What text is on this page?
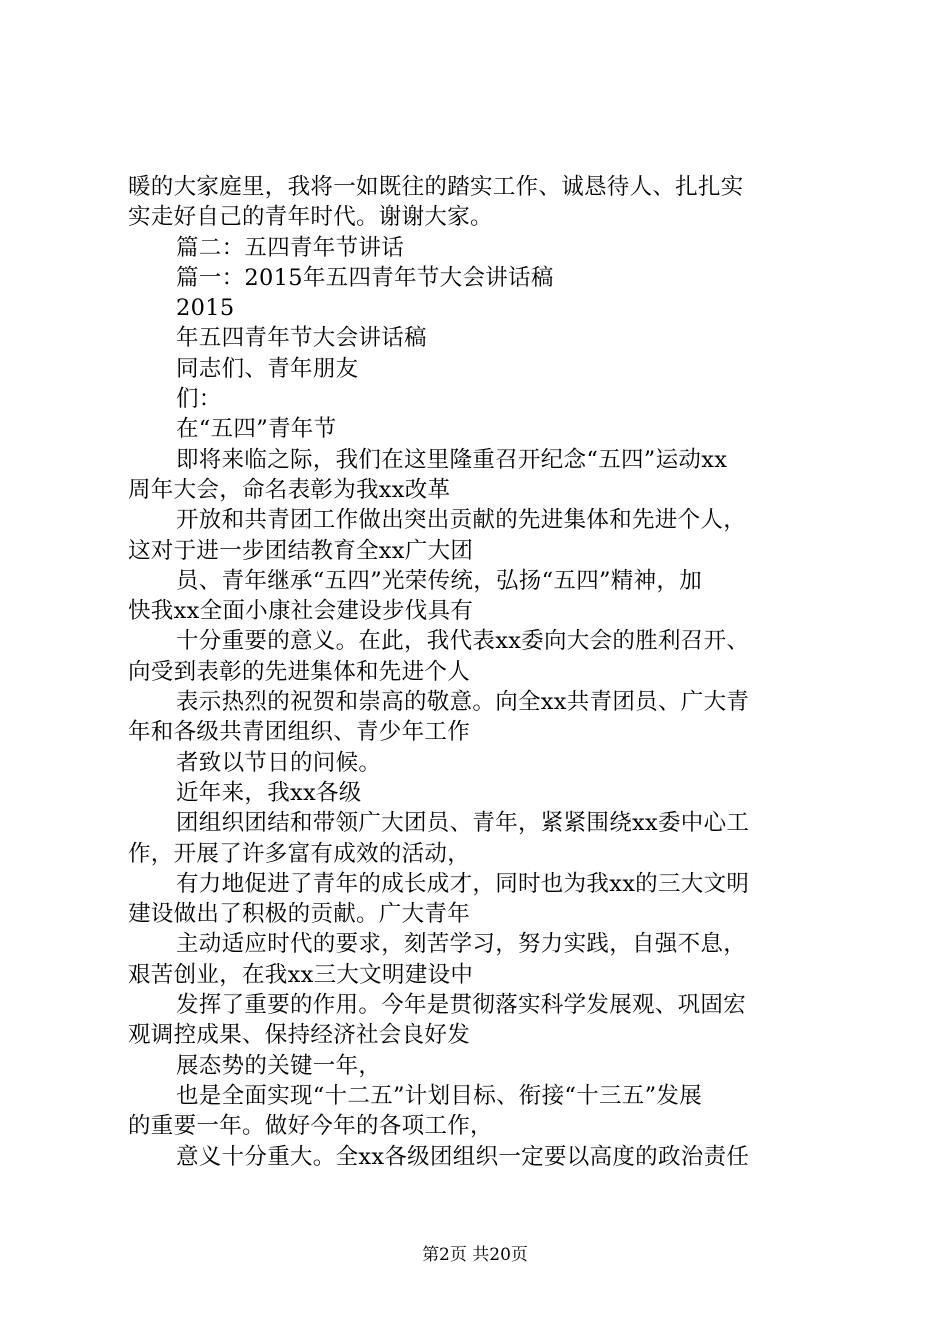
暖的大家庭里，我将一如既往的踏实工作、诚恳待人、扎扎实
实走好自己的青年时代。谢谢大家。
篇二：五四青年节讲话
篇一：2015年五四青年节大会讲话稿
2015
年五四青年节大会讲话稿
同志们、青年朋友
们：
在“五四”青年节
即将来临之际，我们在这里隆重召开纪念“五四”运动xx
周年大会，命名表彰为我xx改革
开放和共青团工作做出突出贡献的先进集体和先进个人，
这对于进一步团结教育全xx广大团
员、青年继承“五四”光荣传统，弘扬“五四”精神，加
快我xx全面小康社会建设步伐具有
十分重要的意义。在此，我代表xx委向大会的胜利召开、
向受到表彰的先进集体和先进个人
表示热烈的祝贺和崇高的敬意。向全xx共青团员、广大青
年和各级共青团组织、青少年工作
者致以节日的问候。
近年来，我xx各级
团组织团结和带领广大团员、青年，紧紧围绕xx委中心工
作，开展了许多富有成效的活动，
有力地促进了青年的成长成才，同时也为我xx的三大文明
建设做出了积极的贡献。广大青年
主动适应时代的要求，刻苦学习，努力实践，自强不息，
艰苦创业，在我xx三大文明建设中
发挥了重要的作用。今年是贯彻落实科学发展观、巩固宏
观调控成果、保持经济社会良好发
展态势的关键一年，
也是全面实现“十二五”计划目标、衔接“十三五”发展
的重要一年。做好今年的各项工作，
意义十分重大。全xx各级团组织一定要以高度的政治责任
第2页 共20页
